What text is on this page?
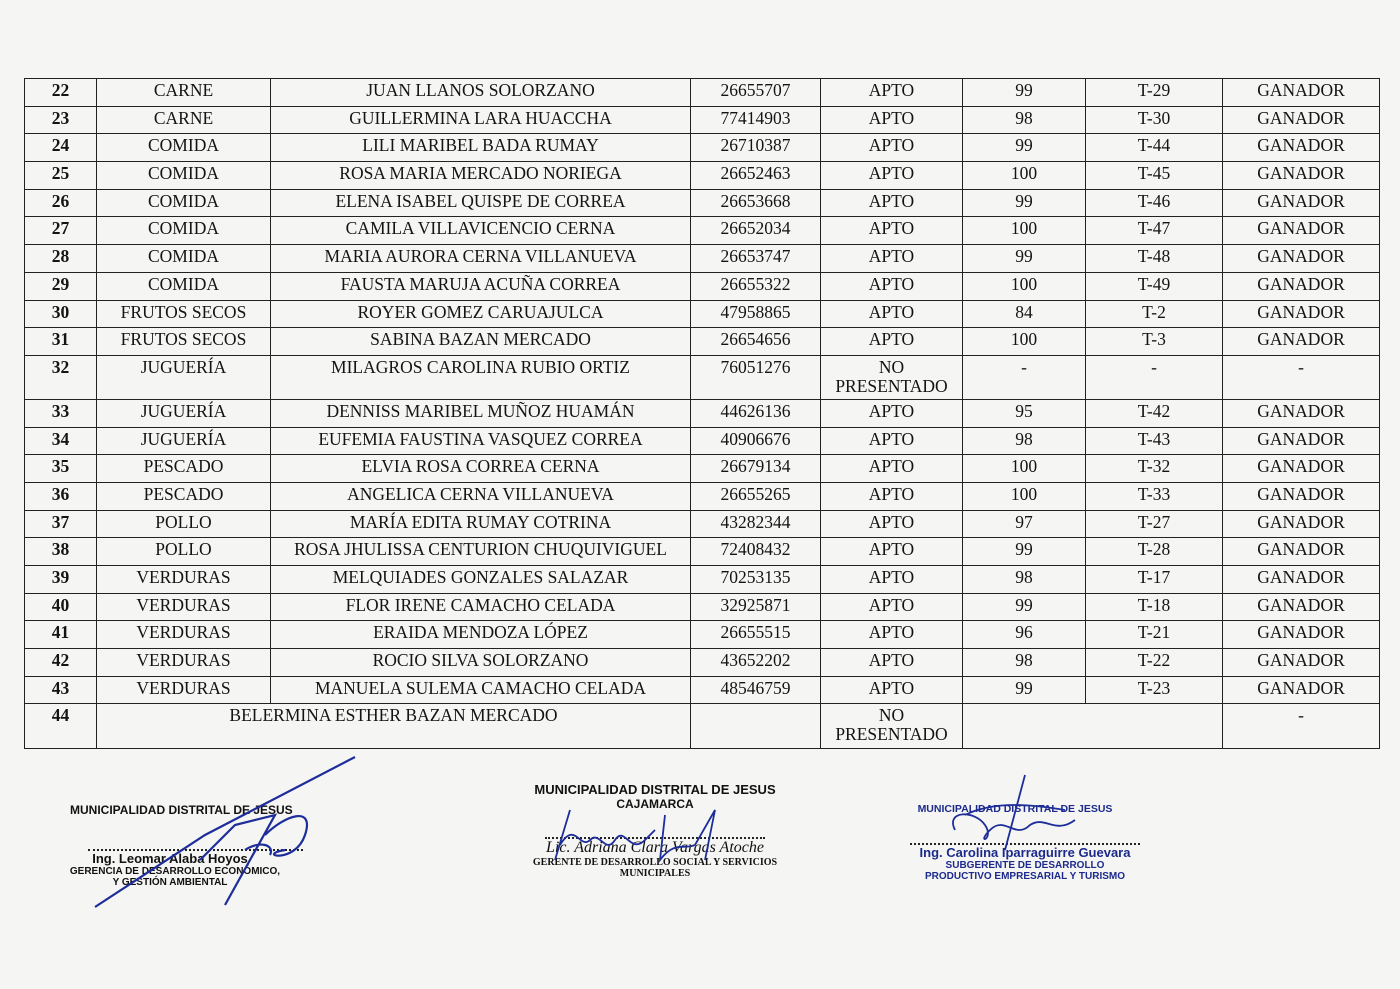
22	CARNE	JUAN LLANOS SOLORZANO	26655707	APTO	99	T-29	GANADOR
23	CARNE	GUILLERMINA LARA HUACCHA	77414903	APTO	98	T-30	GANADOR
24	COMIDA	LILI MARIBEL BADA RUMAY	26710387	APTO	99	T-44	GANADOR
25	COMIDA	ROSA MARIA MERCADO NORIEGA	26652463	APTO	100	T-45	GANADOR
26	COMIDA	ELENA ISABEL QUISPE DE CORREA	26653668	APTO	99	T-46	GANADOR
27	COMIDA	CAMILA VILLAVICENCIO CERNA	26652034	APTO	100	T-47	GANADOR
28	COMIDA	MARIA AURORA CERNA VILLANUEVA	26653747	APTO	99	T-48	GANADOR
29	COMIDA	FAUSTA MARUJA ACUÑA CORREA	26655322	APTO	100	T-49	GANADOR
30	FRUTOS SECOS	ROYER GOMEZ CARUAJULCA	47958865	APTO	84	T-2	GANADOR
31	FRUTOS SECOS	SABINA BAZAN MERCADO	26654656	APTO	100	T-3	GANADOR
32	JUGUERÍA	MILAGROS CAROLINA RUBIO ORTIZ	76051276	NO PRESENTADO	-	-	-
33	JUGUERÍA	DENNISS MARIBEL MUÑOZ HUAMÁN	44626136	APTO	95	T-42	GANADOR
34	JUGUERÍA	EUFEMIA FAUSTINA VASQUEZ CORREA	40906676	APTO	98	T-43	GANADOR
35	PESCADO	ELVIA ROSA CORREA CERNA	26679134	APTO	100	T-32	GANADOR
36	PESCADO	ANGELICA CERNA VILLANUEVA	26655265	APTO	100	T-33	GANADOR
37	POLLO	MARÍA EDITA RUMAY COTRINA	43282344	APTO	97	T-27	GANADOR
38	POLLO	ROSA JHULISSA CENTURION CHUQUIVIGUEL	72408432	APTO	99	T-28	GANADOR
39	VERDURAS	MELQUIADES GONZALES SALAZAR	70253135	APTO	98	T-17	GANADOR
40	VERDURAS	FLOR IRENE CAMACHO CELADA	32925871	APTO	99	T-18	GANADOR
41	VERDURAS	ERAIDA MENDOZA LÓPEZ	26655515	APTO	96	T-21	GANADOR
42	VERDURAS	ROCIO SILVA SOLORZANO	43652202	APTO	98	T-22	GANADOR
43	VERDURAS	MANUELA SULEMA CAMACHO CELADA	48546759	APTO	99	T-23	GANADOR
44	BELERMINA ESTHER BAZAN MERCADO			NO PRESENTADO			-
MUNICIPALIDAD DISTRITAL DE JESUS
Ing. Leomar Alaba Hoyos
GERENCIA DE DESARROLLO ECONÓMICO,
Y GESTIÓN AMBIENTAL
MUNICIPALIDAD DISTRITAL DE JESUS
CAJAMARCA
Lic. Adriana Clara Vargas Atoche
GERENTE DE DESARROLLO SOCIAL Y SERVICIOS MUNICIPALES
MUNICIPALIDAD DISTRITAL DE JESUS
Ing. Carolina Iparraguirre Guevara
SUBGERENTE DE DESARROLLO
PRODUCTIVO EMPRESARIAL Y TURISMO
